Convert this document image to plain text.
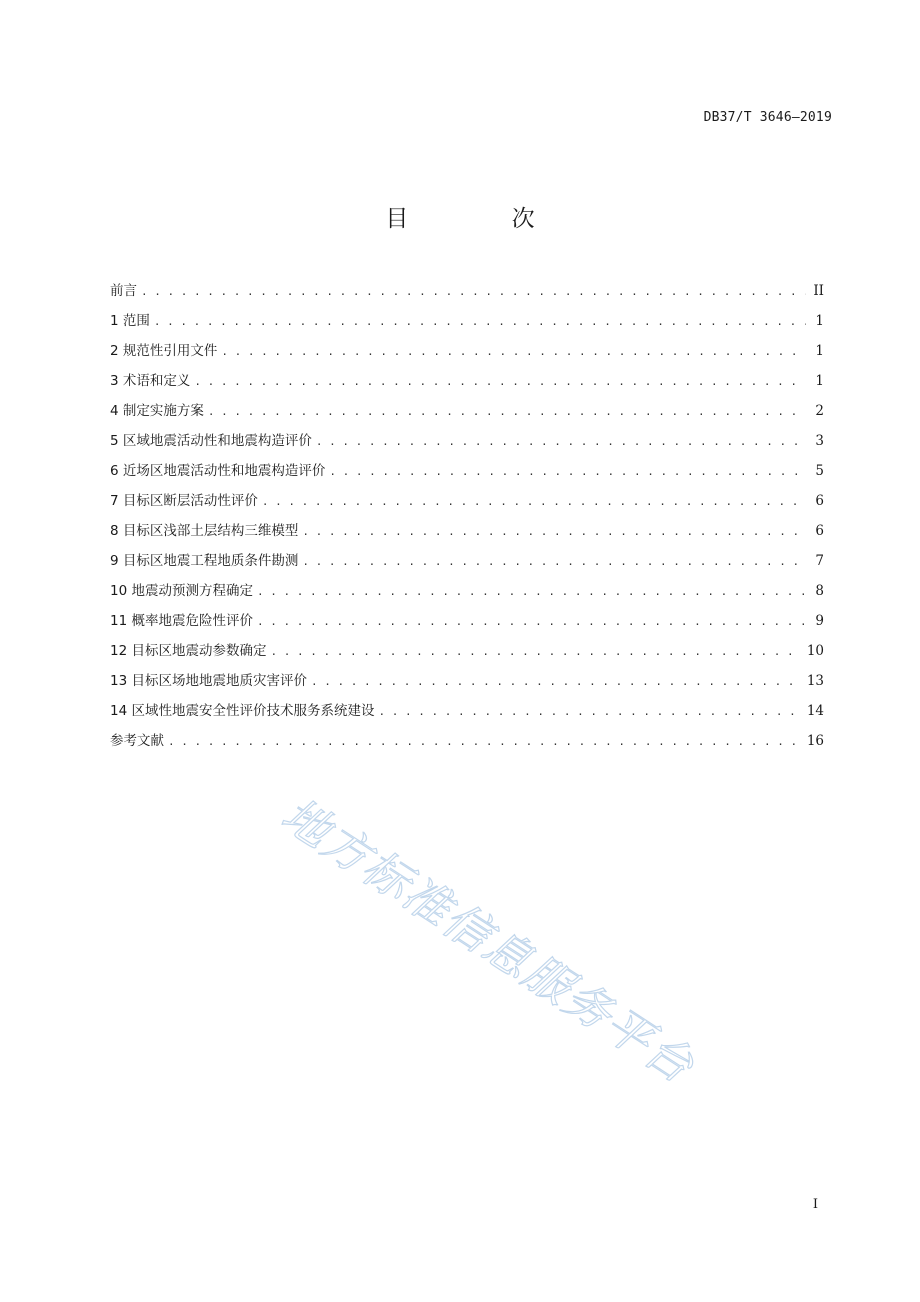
DB37/T 3646—2019
目 次
前言 . . .	II
1 范围 . . .	1
2 规范性引用文件 . . .	1
3 术语和定义 . . .	1
4 制定实施方案 . . .	2
5 区域地震活动性和地震构造评价 . . .	3
6 近场区地震活动性和地震构造评价 . . .	5
7 目标区断层活动性评价 . . .	6
8 目标区浅部土层结构三维模型 . . .	6
9 目标区地震工程地质条件勘测 . . .	7
10 地震动预测方程确定 . . .	8
11 概率地震危险性评价 . . .	9
12 目标区地震动参数确定 . . .	10
13 目标区场地地震地质灾害评价 . . .	13
14 区域性地震安全性评价技术服务系统建设 . . .	14
参考文献 . . .	16
地方标准信息服务平台
I
